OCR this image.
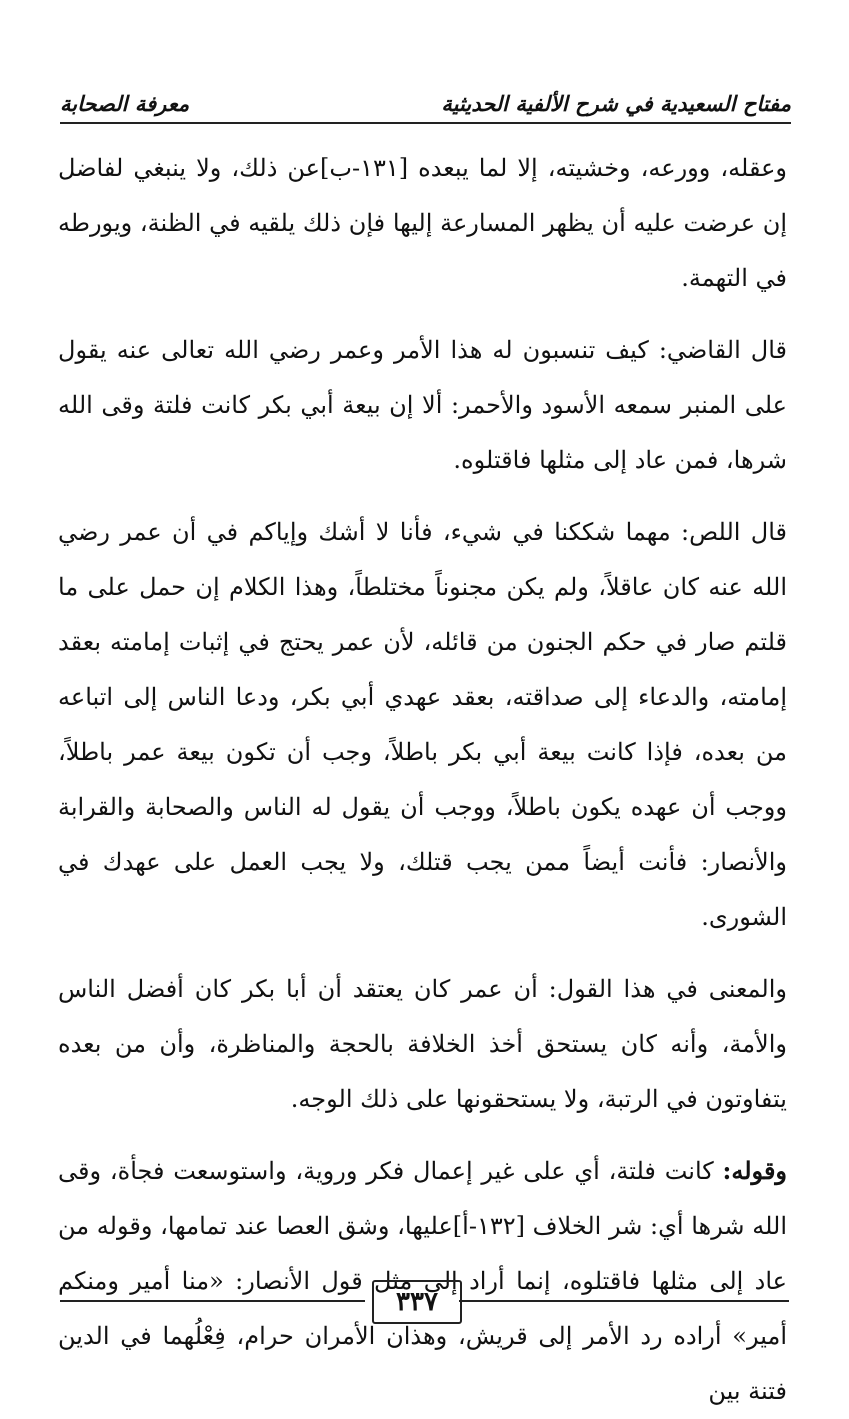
مفتاح السعيدية في شرح الألفية الحديثية
معرفة الصحابة

وعقله، وورعه، وخشيته، إلا لما يبعده [١٣١-ب]عن ذلك، ولا ينبغي لفاضل إن عرضت عليه أن يظهر المسارعة إليها فإن ذلك يلقيه في الظنة، ويورطه في التهمة.

قال القاضي: كيف تنسبون له هذا الأمر وعمر رضي الله تعالى عنه يقول على المنبر سمعه الأسود والأحمر: ألا إن بيعة أبي بكر كانت فلتة وقى الله شرها، فمن عاد إلى مثلها فاقتلوه.

قال اللص: مهما شككنا في شيء، فأنا لا أشك وإياكم في أن عمر رضي الله عنه كان عاقلاً، ولم يكن مجنوناً مختلطاً، وهذا الكلام إن حمل على ما قلتم صار في حكم الجنون من قائله، لأن عمر يحتج في إثبات إمامته بعقد إمامته، والدعاء إلى صداقته، بعقد عهدي أبي بكر، ودعا الناس إلى اتباعه من بعده، فإذا كانت بيعة أبي بكر باطلاً، وجب أن تكون بيعة عمر باطلاً، ووجب أن عهده يكون باطلاً، ووجب أن يقول له الناس والصحابة والقرابة والأنصار: فأنت أيضاً ممن يجب قتلك، ولا يجب العمل على عهدك في الشورى.

والمعنى في هذا القول: أن عمر كان يعتقد أن أبا بكر كان أفضل الناس والأمة، وأنه كان يستحق أخذ الخلافة بالحجة والمناظرة، وأن من بعده يتفاوتون في الرتبة، ولا يستحقونها على ذلك الوجه.

وقوله: كانت فلتة، أي على غير إعمال فكر وروية، واستوسعت فجأة، وقى الله شرها أي: شر الخلاف [١٣٢-أ]عليها، وشق العصا عند تمامها، وقوله من عاد إلى مثلها فاقتلوه، إنما أراد إلى مثل قول الأنصار: «منا أمير ومنكم أمير» أراده رد الأمر إلى قريش، وهذان الأمران حرام، فِعْلُهما في الدين فتنة بين

٣٣٧
